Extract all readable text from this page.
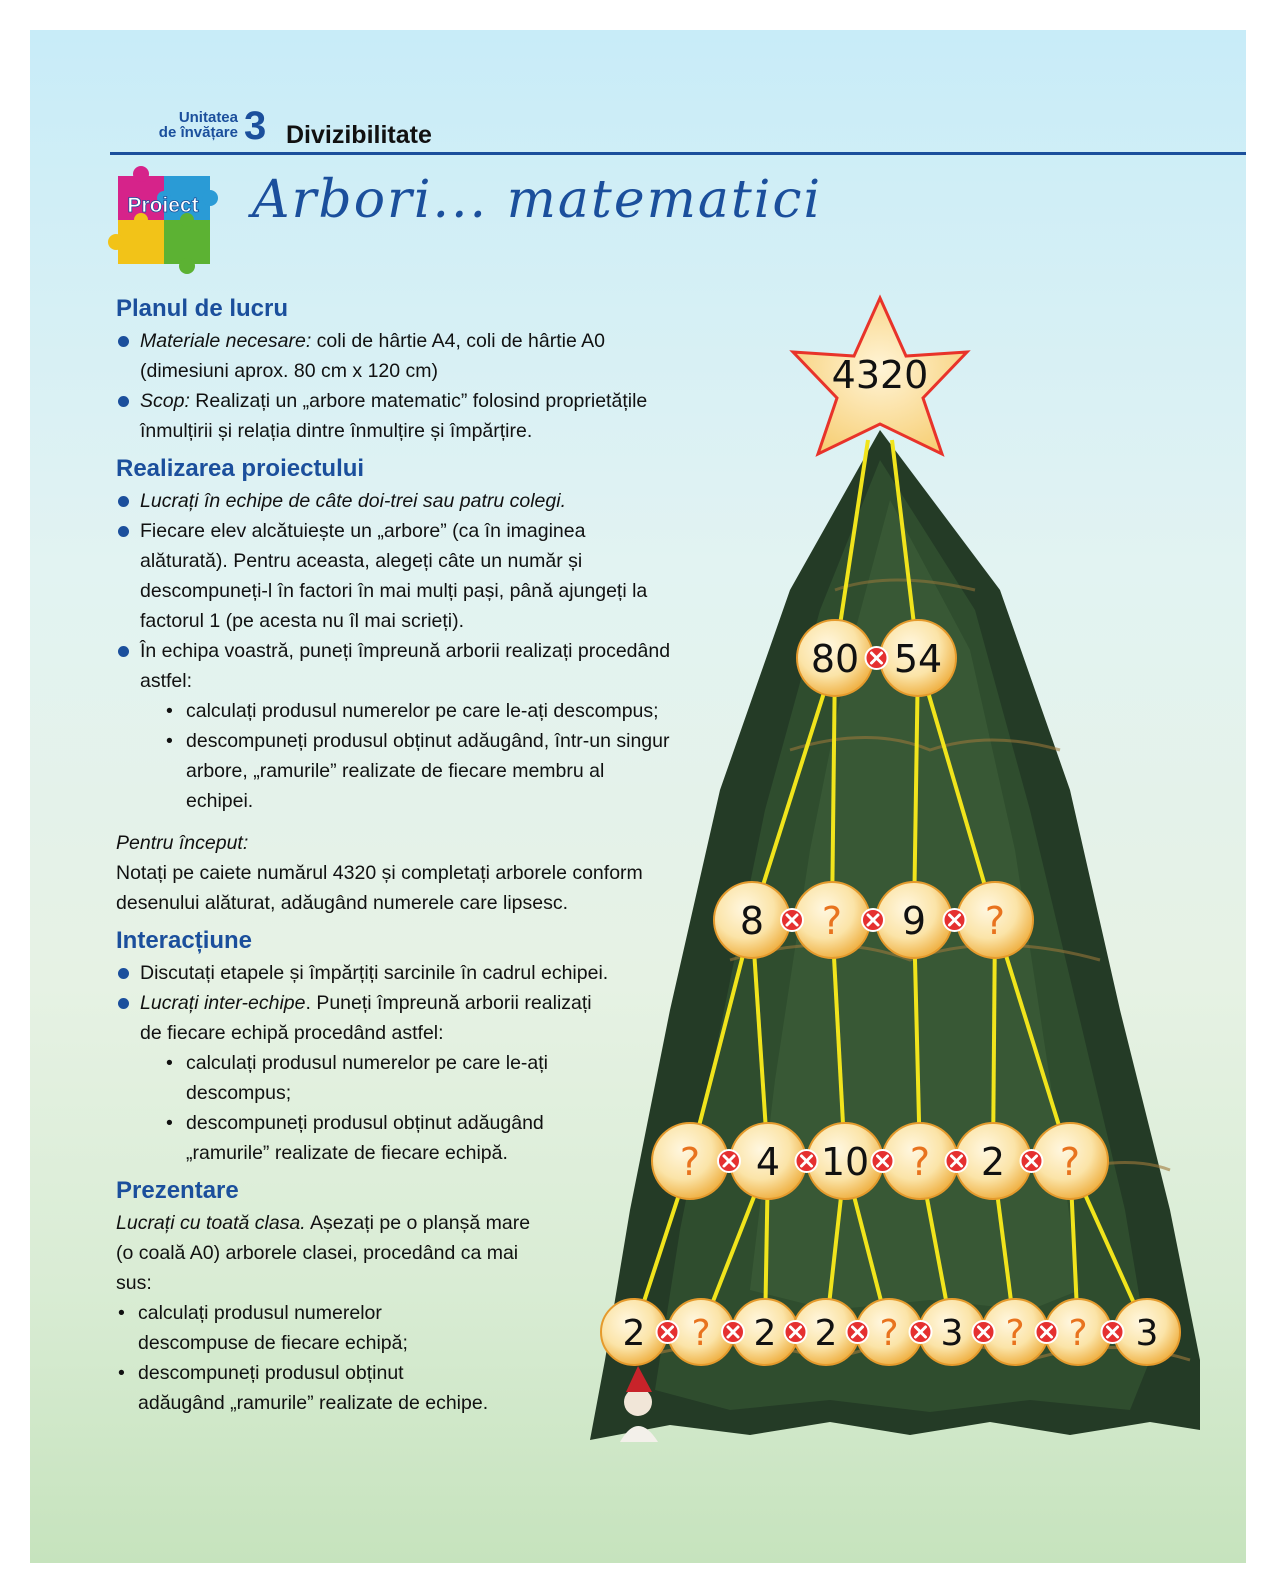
Unitatea
de învățare 3 Divizibilitate
Proiect Arbori... matematici
Planul de lucru
Materiale necesare: coli de hârtie A4, coli de hârtie A0 (dimesiuni aprox. 80 cm x 120 cm)
Scop: Realizați un „arbore matematic” folosind proprietățile înmulțirii și relația dintre înmulțire și împărțire.
Realizarea proiectului
Lucrați în echipe de câte doi-trei sau patru colegi.
Fiecare elev alcătuiește un „arbore” (ca în imaginea alăturată). Pentru aceasta, alegeți câte un număr și descompuneți-l în factori în mai mulți pași, până ajungeți la factorul 1 (pe acesta nu îl mai scrieți).
În echipa voastră, puneți împreună arborii realizați procedând astfel:
• calculați produsul numerelor pe care le-ați descompus;
• descompuneți produsul obținut adăugând, într-un singur arbore, „ramurile” realizate de fiecare membru al echipei.
Pentru început:
Notați pe caiete numărul 4320 și completați arborele conform desenului alăturat, adăugând numerele care lipsesc.
Interacțiune
Discutați etapele și împărțiți sarcinile în cadrul echipei.
Lucrați inter-echipe. Puneți împreună arborii realizați de fiecare echipă procedând astfel:
• calculați produsul numerelor pe care le-ați descompus;
• descompuneți produsul obținut adăugând „ramurile” realizate de fiecare echipă.
Prezentare
Lucrați cu toată clasa. Așezați pe o planșă mare (o coală A0) arborele clasei, procedând ca mai sus:
• calculați produsul numerelor descompuse de fiecare echipă;
• descompuneți produsul obținut adăugând „ramurile” realizate de echipe.
4320
80 54
8 ? 9 ?
? 4 10 ? 2 ?
2 ? 2 2 ? 3 ? ? 3
